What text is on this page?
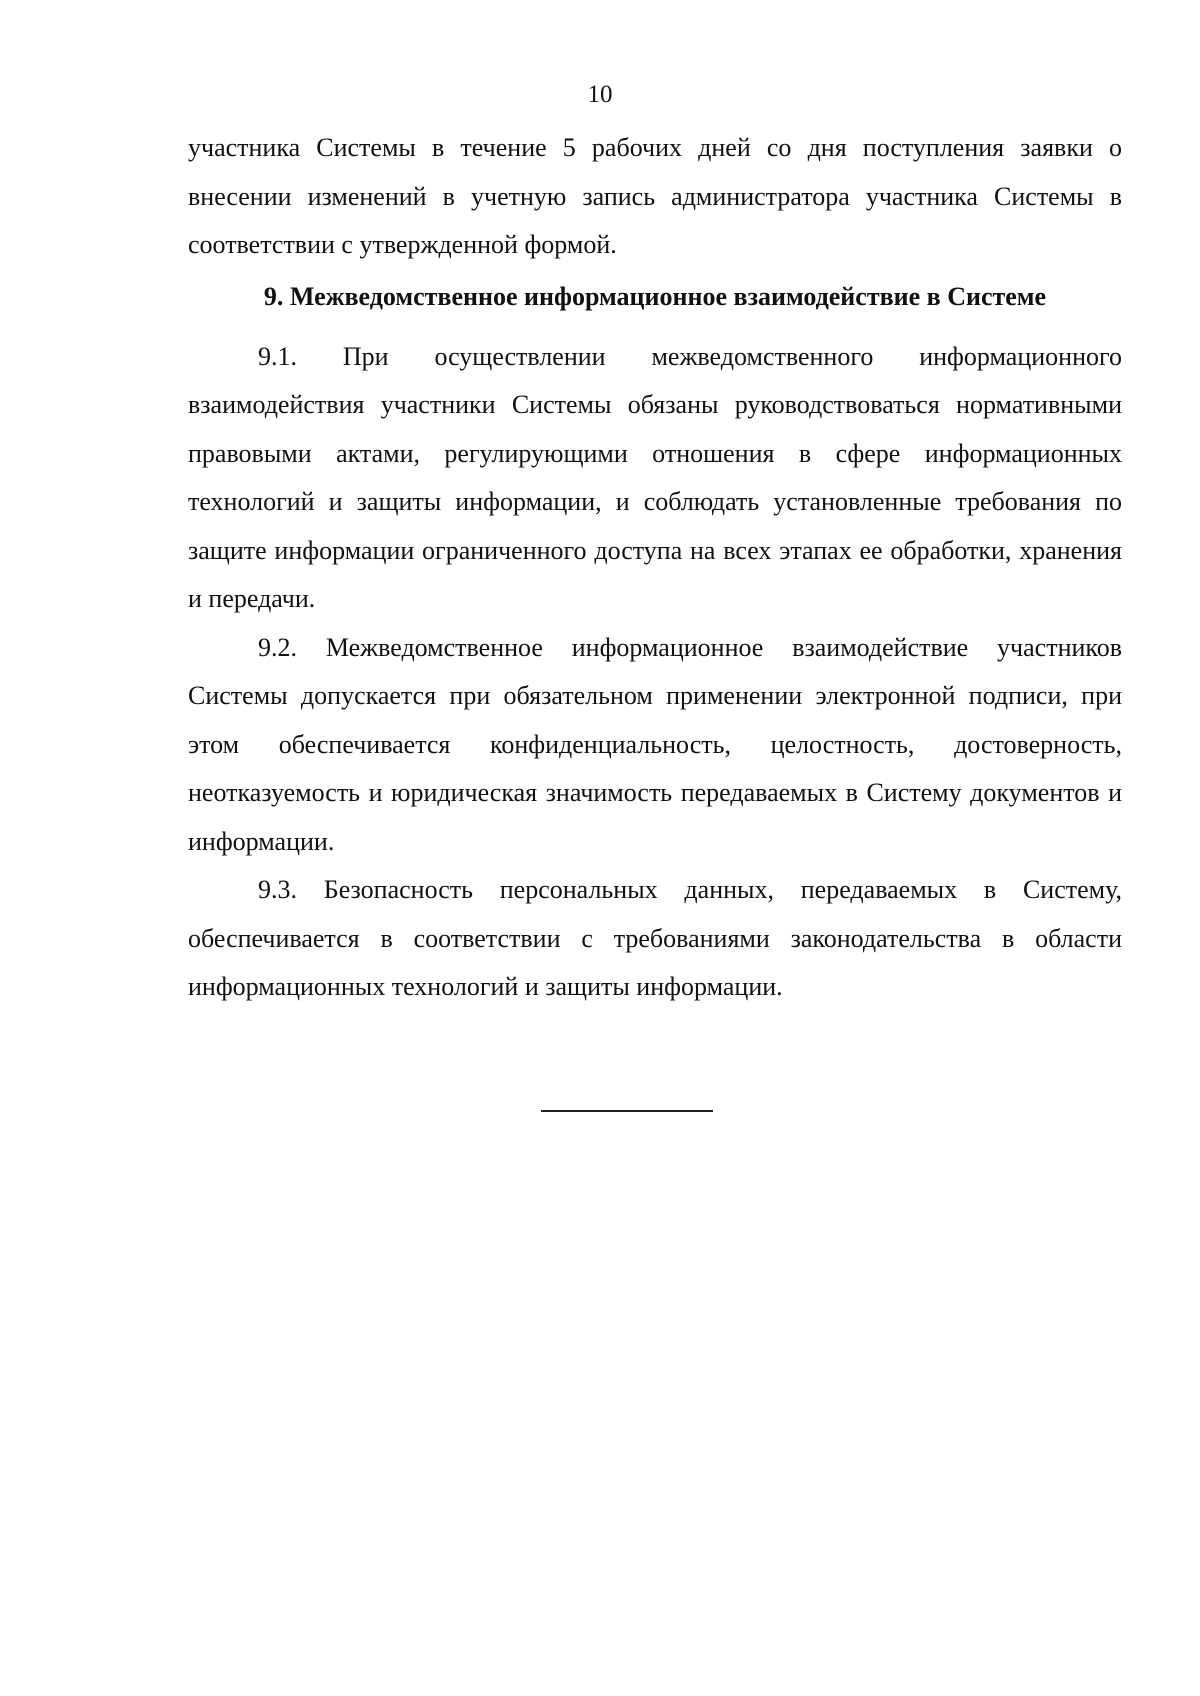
10

участника Системы в течение 5 рабочих дней со дня поступления заявки о внесении изменений в учетную запись администратора участника Системы в соответствии с утвержденной формой.

9. Межведомственное информационное взаимодействие в Системе

9.1. При осуществлении межведомственного информационного взаимодействия участники Системы обязаны руководствоваться нормативными правовыми актами, регулирующими отношения в сфере информационных технологий и защиты информации, и соблюдать установленные требования по защите информации ограниченного доступа на всех этапах ее обработки, хранения и передачи.

9.2. Межведомственное информационное взаимодействие участников Системы допускается при обязательном применении электронной подписи, при этом обеспечивается конфиденциальность, целостность, достоверность, неотказуемость и юридическая значимость передаваемых в Систему документов и информации.

9.3. Безопасность персональных данных, передаваемых в Систему, обеспечивается в соответствии с требованиями законодательства в области информационных технологий и защиты информации.
